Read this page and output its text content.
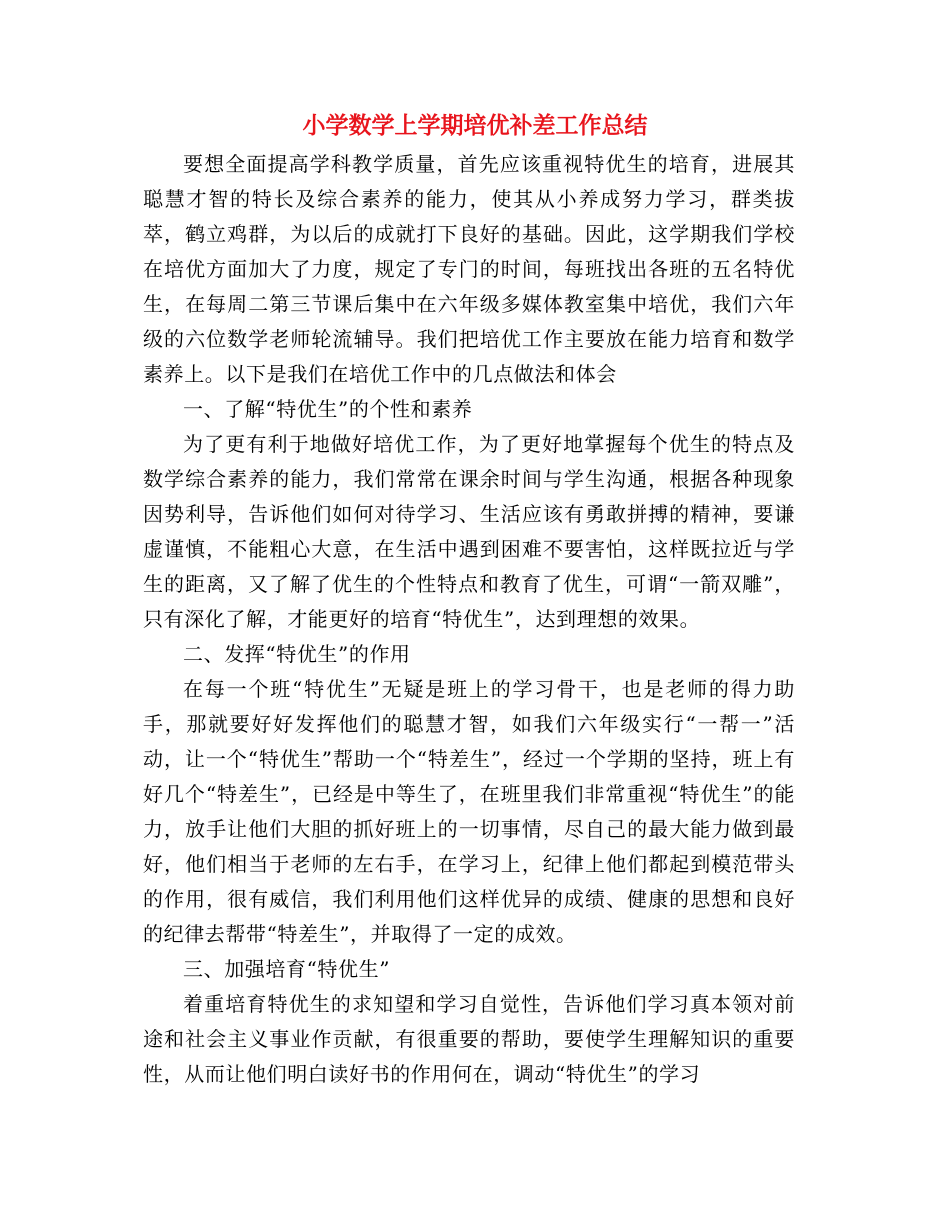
小学数学上学期培优补差工作总结

要想全面提高学科教学质量，首先应该重视特优生的培育，进展其聪慧才智的特长及综合素养的能力，使其从小养成努力学习，群类拔萃，鹤立鸡群，为以后的成就打下良好的基础。因此，这学期我们学校在培优方面加大了力度，规定了专门的时间，每班找出各班的五名特优生，在每周二第三节课后集中在六年级多媒体教室集中培优，我们六年级的六位数学老师轮流辅导。我们把培优工作主要放在能力培育和数学素养上。以下是我们在培优工作中的几点做法和体会

一、了解“特优生”的个性和素养

为了更有利于地做好培优工作，为了更好地掌握每个优生的特点及数学综合素养的能力，我们常常在课余时间与学生沟通，根据各种现象因势利导，告诉他们如何对待学习、生活应该有勇敢拼搏的精神，要谦虚谨慎，不能粗心大意，在生活中遇到困难不要害怕，这样既拉近与学生的距离，又了解了优生的个性特点和教育了优生，可谓“一箭双雕”，只有深化了解，才能更好的培育“特优生”，达到理想的效果。

二、发挥“特优生”的作用

在每一个班“特优生”无疑是班上的学习骨干，也是老师的得力助手，那就要好好发挥他们的聪慧才智，如我们六年级实行“一帮一”活动，让一个“特优生”帮助一个“特差生”，经过一个学期的坚持，班上有好几个“特差生”，已经是中等生了，在班里我们非常重视“特优生”的能力，放手让他们大胆的抓好班上的一切事情，尽自己的最大能力做到最好，他们相当于老师的左右手，在学习上，纪律上他们都起到模范带头的作用，很有威信，我们利用他们这样优异的成绩、健康的思想和良好的纪律去帮带“特差生”，并取得了一定的成效。

三、加强培育“特优生”

着重培育特优生的求知望和学习自觉性，告诉他们学习真本领对前途和社会主义事业作贡献，有很重要的帮助，要使学生理解知识的重要性，从而让他们明白读好书的作用何在，调动“特优生”的学习
